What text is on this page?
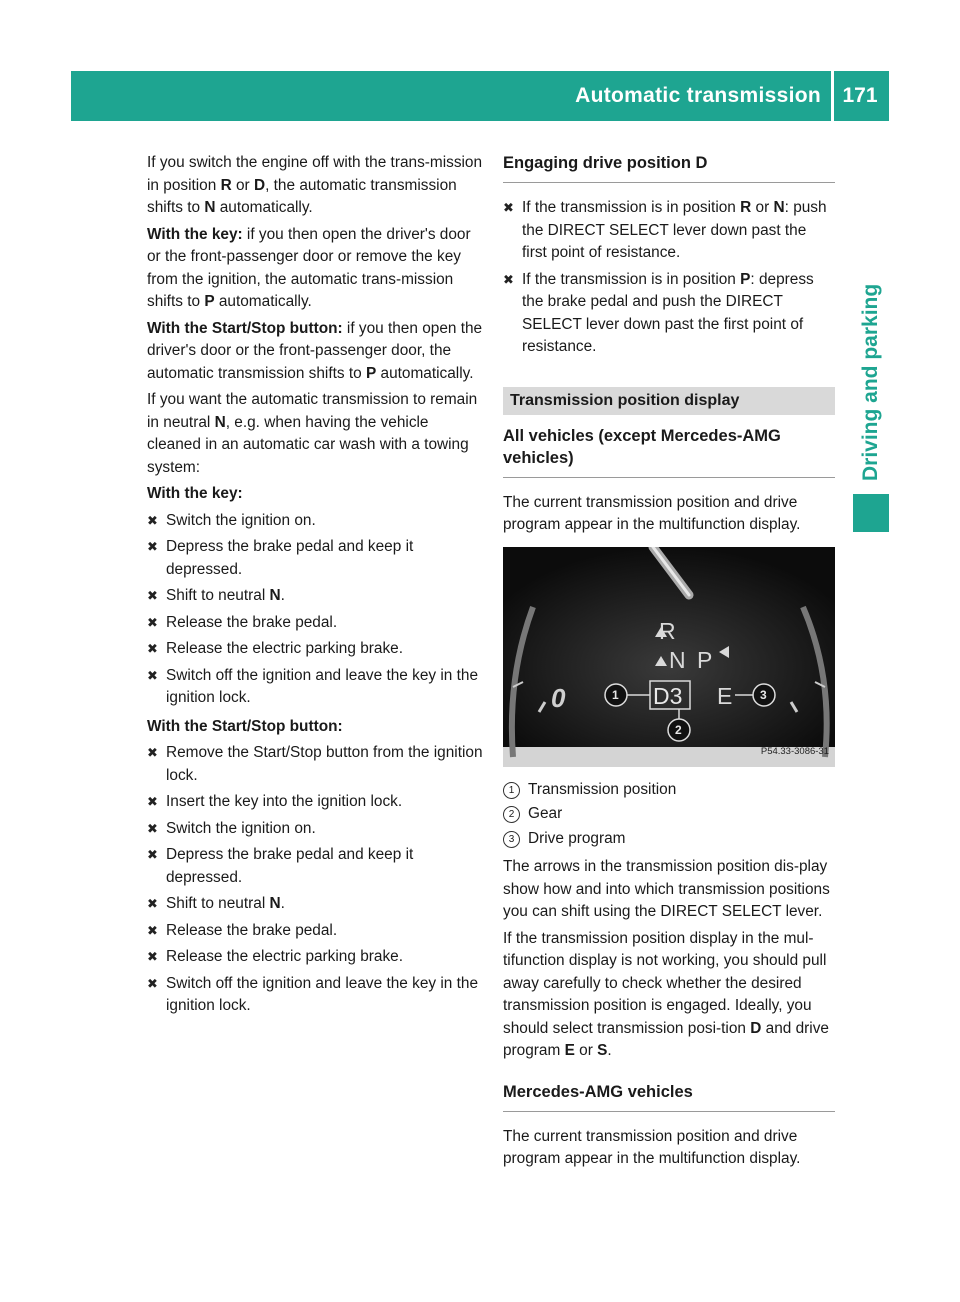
Automatic transmission 171
Driving and parking

If you switch the engine off with the trans-mission in position R or D, the automatic transmission shifts to N automatically.

With the key: if you then open the driver's door or the front-passenger door or remove the key from the ignition, the automatic trans-mission shifts to P automatically.

With the Start/Stop button: if you then open the driver's door or the front-passenger door, the automatic transmission shifts to P automatically.

If you want the automatic transmission to remain in neutral N, e.g. when having the vehicle cleaned in an automatic car wash with a towing system:

With the key:

✖ Switch the ignition on.
✖ Depress the brake pedal and keep it depressed.
✖ Shift to neutral N.
✖ Release the brake pedal.
✖ Release the electric parking brake.
✖ Switch off the ignition and leave the key in the ignition lock.

With the Start/Stop button:

✖ Remove the Start/Stop button from the ignition lock.
✖ Insert the key into the ignition lock.
✖ Switch the ignition on.
✖ Depress the brake pedal and keep it depressed.
✖ Shift to neutral N.
✖ Release the brake pedal.
✖ Release the electric parking brake.
✖ Switch off the ignition and leave the key in the ignition lock.
Engaging drive position D
✖ If the transmission is in position R or N: push the DIRECT SELECT lever down past the first point of resistance.
✖ If the transmission is in position P: depress the brake pedal and push the DIRECT SELECT lever down past the first point of resistance.
Transmission position display
All vehicles (except Mercedes-AMG vehicles)

The current transmission position and drive program appear in the multifunction display.

R
N P
D3 E
0	1
2
3
P54.33-3086-31
1 Transmission position
2 Gear
3 Drive program

The arrows in the transmission position dis-play show how and into which transmission positions you can shift using the DIRECT SELECT lever.

If the transmission position display in the mul-tifunction display is not working, you should pull away carefully to check whether the desired transmission position is engaged. Ideally, you should select transmission posi-tion D and drive program E or S.

Mercedes-AMG vehicles

The current transmission position and drive program appear in the multifunction display.
